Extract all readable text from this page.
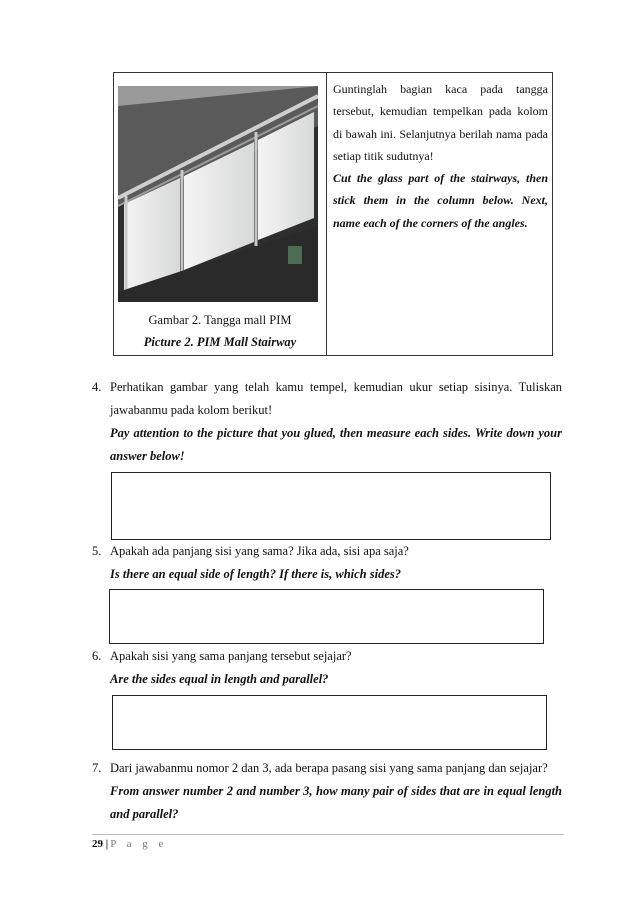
Gambar 2. Tangga mall PIM
Picture 2. PIM Mall Stairway
Guntinglah bagian kaca pada tangga tersebut, kemudian tempelkan pada kolom di bawah ini. Selanjutnya berilah nama pada setiap titik sudutnya!
Cut the glass part of the stairways, then stick them in the column below. Next, name each of the corners of the angles.
4. Perhatikan gambar yang telah kamu tempel, kemudian ukur setiap sisinya. Tuliskan jawabanmu pada kolom berikut!
Pay attention to the picture that you glued, then measure each sides. Write down your answer below!
5. Apakah ada panjang sisi yang sama? Jika ada, sisi apa saja?
Is there an equal side of length? If there is, which sides?
6. Apakah sisi yang sama panjang tersebut sejajar?
Are the sides equal in length and parallel?
7. Dari jawabanmu nomor 2 dan 3, ada berapa pasang sisi yang sama panjang dan sejajar?
From answer number 2 and number 3, how many pair of sides that are in equal length and parallel?
29 | P a g e
